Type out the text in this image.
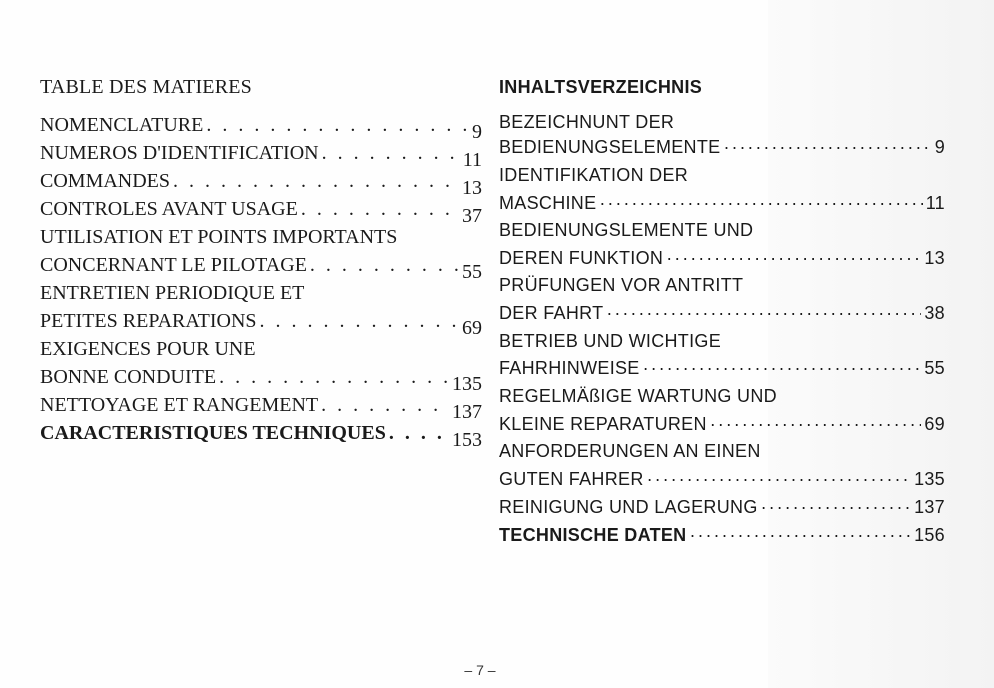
TABLE DES MATIERES
NOMENCLATURE . . .	9
NUMEROS D'IDENTIFICATION . . .	11
COMMANDES . . .	13
CONTROLES AVANT USAGE . . .	37
UTILISATION ET POINTS IMPORTANTS
CONCERNANT LE PILOTAGE . . .	55
ENTRETIEN PERIODIQUE ET
PETITES REPARATIONS . . .	69
EXIGENCES POUR UNE
BONNE CONDUITE . . .	135
NETTOYAGE ET RANGEMENT . . .	137
CARACTERISTIQUES TECHNIQUES . . .	153
INHALTSVERZEICHNIS
BEZEICHNUNT DER
BEDIENUNGSELEMENTE ·····	9
IDENTIFIKATION DER
MASCHINE ·····	11
BEDIENUNGSLEMENTE UND
DEREN FUNKTION ·····	13
PRÜFUNGEN VOR ANTRITT
DER FAHRT ·····	38
BETRIEB UND WICHTIGE
FAHRHINWEISE ·····	55
REGELMÄßIGE WARTUNG UND
KLEINE REPARATUREN ·····	69
ANFORDERUNGEN AN EINEN
GUTEN FAHRER ·····	135
REINIGUNG UND LAGERUNG ·····	137
TECHNISCHE DATEN ·····	156
– 7 –
